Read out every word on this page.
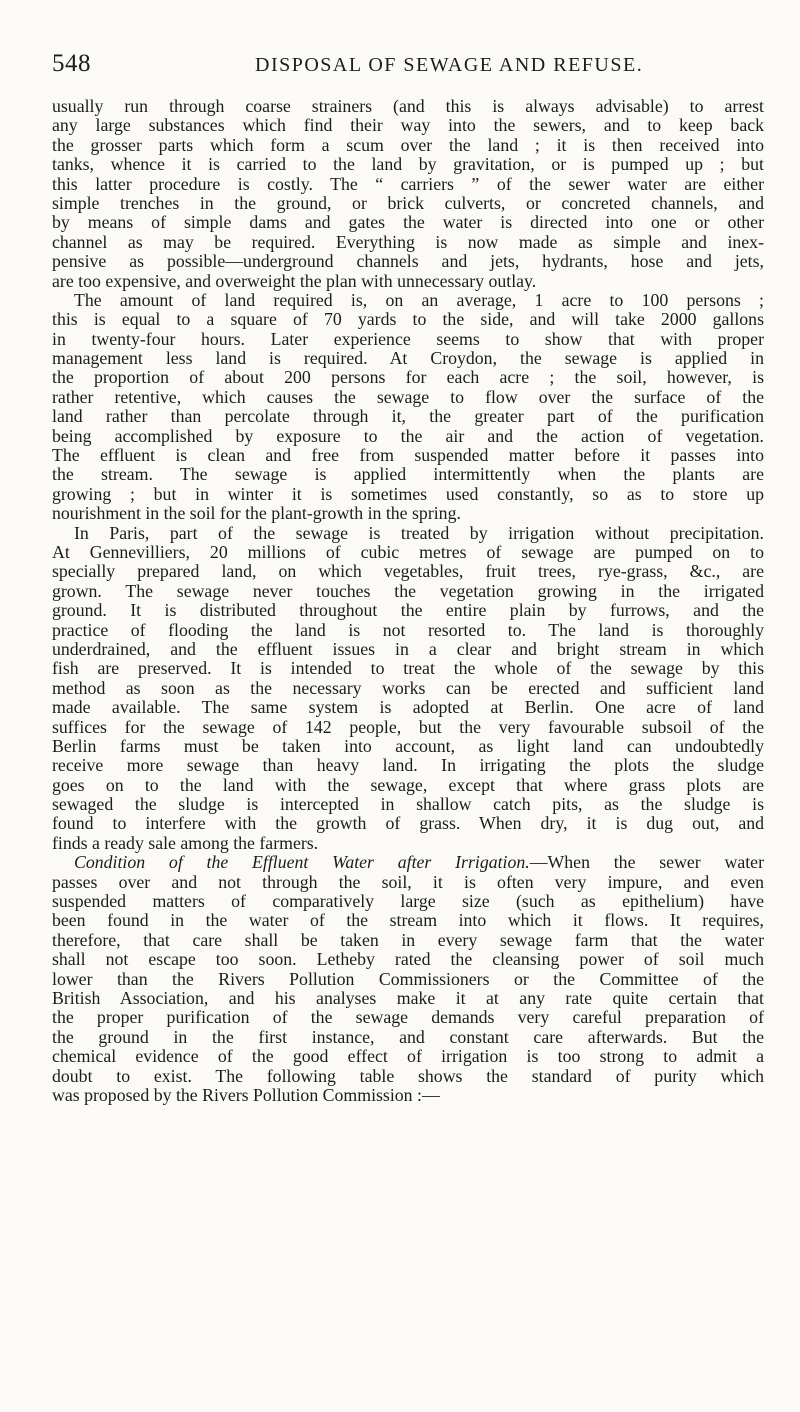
548	DISPOSAL OF SEWAGE AND REFUSE.
usually run through coarse strainers (and this is always advisable) to arrest
any large substances which find their way into the sewers, and to keep back
the grosser parts which form a scum over the land ; it is then received into
tanks, whence it is carried to the land by gravitation, or is pumped up ; but
this latter procedure is costly. The “ carriers ” of the sewer water are either
simple trenches in the ground, or brick culverts, or concreted channels, and
by means of simple dams and gates the water is directed into one or other
channel as may be required. Everything is now made as simple and inex-
pensive as possible—underground channels and jets, hydrants, hose and jets,
are too expensive, and overweight the plan with unnecessary outlay.
The amount of land required is, on an average, 1 acre to 100 persons ;
this is equal to a square of 70 yards to the side, and will take 2000 gallons
in twenty-four hours. Later experience seems to show that with proper
management less land is required. At Croydon, the sewage is applied in
the proportion of about 200 persons for each acre ; the soil, however, is
rather retentive, which causes the sewage to flow over the surface of the
land rather than percolate through it, the greater part of the purification
being accomplished by exposure to the air and the action of vegetation.
The effluent is clean and free from suspended matter before it passes into
the stream. The sewage is applied intermittently when the plants are
growing ; but in winter it is sometimes used constantly, so as to store up
nourishment in the soil for the plant-growth in the spring.
In Paris, part of the sewage is treated by irrigation without precipitation.
At Gennevilliers, 20 millions of cubic metres of sewage are pumped on to
specially prepared land, on which vegetables, fruit trees, rye-grass, &c., are
grown. The sewage never touches the vegetation growing in the irrigated
ground. It is distributed throughout the entire plain by furrows, and the
practice of flooding the land is not resorted to. The land is thoroughly
underdrained, and the effluent issues in a clear and bright stream in which
fish are preserved. It is intended to treat the whole of the sewage by this
method as soon as the necessary works can be erected and sufficient land
made available. The same system is adopted at Berlin. One acre of land
suffices for the sewage of 142 people, but the very favourable subsoil of the
Berlin farms must be taken into account, as light land can undoubtedly
receive more sewage than heavy land. In irrigating the plots the sludge
goes on to the land with the sewage, except that where grass plots are
sewaged the sludge is intercepted in shallow catch pits, as the sludge is
found to interfere with the growth of grass. When dry, it is dug out, and
finds a ready sale among the farmers.
Condition of the Effluent Water after Irrigation.—When the sewer water
passes over and not through the soil, it is often very impure, and even
suspended matters of comparatively large size (such as epithelium) have
been found in the water of the stream into which it flows. It requires,
therefore, that care shall be taken in every sewage farm that the water
shall not escape too soon. Letheby rated the cleansing power of soil much
lower than the Rivers Pollution Commissioners or the Committee of the
British Association, and his analyses make it at any rate quite certain that
the proper purification of the sewage demands very careful preparation of
the ground in the first instance, and constant care afterwards. But the
chemical evidence of the good effect of irrigation is too strong to admit a
doubt to exist. The following table shows the standard of purity which
was proposed by the Rivers Pollution Commission :—
